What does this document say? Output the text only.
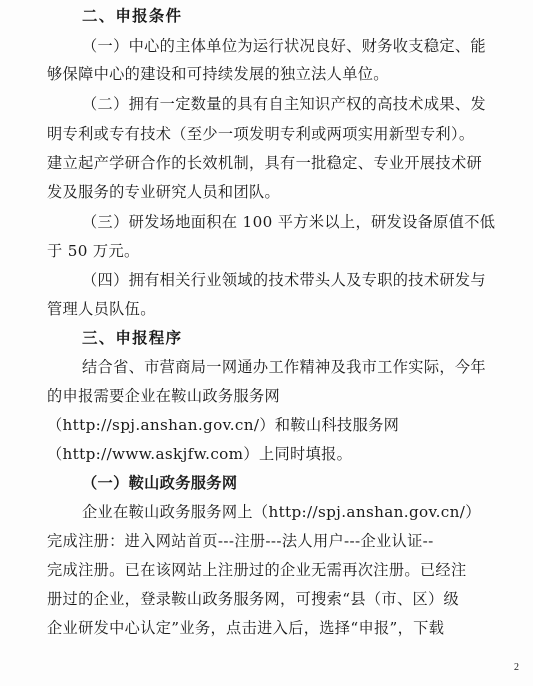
二、申报条件
（一）中心的主体单位为运行状况良好、财务收支稳定、能
够保障中心的建设和可持续发展的独立法人单位。
（二）拥有一定数量的具有自主知识产权的高技术成果、发
明专利或专有技术（至少一项发明专利或两项实用新型专利）。
建立起产学研合作的长效机制，具有一批稳定、专业开展技术研
发及服务的专业研究人员和团队。
（三）研发场地面积在 100 平方米以上，研发设备原值不低
于 50 万元。
（四）拥有相关行业领域的技术带头人及专职的技术研发与
管理人员队伍。
三、申报程序
结合省、市营商局一网通办工作精神及我市工作实际，今年
的申报需要企业在鞍山政务服务网
（http://spj.anshan.gov.cn/）和鞍山科技服务网
（http://www.askjfw.com）上同时填报。
（一）鞍山政务服务网
企业在鞍山政务服务网上（http://spj.anshan.gov.cn/）
完成注册：进入网站首页---注册---法人用户---企业认证--
完成注册。已在该网站上注册过的企业无需再次注册。已经注
册过的企业，登录鞍山政务服务网，可搜索“县（市、区）级
企业研发中心认定”业务，点击进入后，选择“申报”，下载
2
